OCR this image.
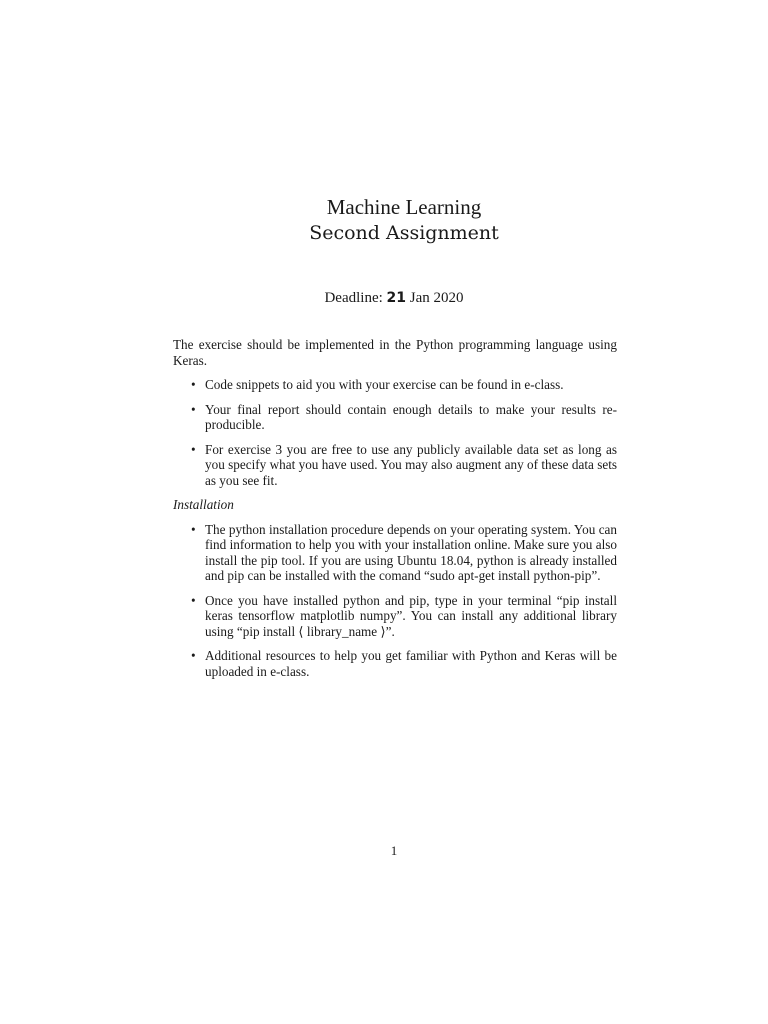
Machine Learning
Second Assignment
Deadline: 21 Jan 2020

The exercise should be implemented in the Python programming language using Keras.

• Code snippets to aid you with your exercise can be found in e-class.
• Your final report should contain enough details to make your results re-producible.
• For exercise 3 you are free to use any publicly available data set as long as you specify what you have used. You may also augment any of these data sets as you see fit.
Installation
• The python installation procedure depends on your operating system. You can find information to help you with your installation online. Make sure you also install the pip tool. If you are using Ubuntu 18.04, python is already installed and pip can be installed with the comand “sudo apt-get install python-pip”.
• Once you have installed python and pip, type in your terminal “pip install keras tensorflow matplotlib numpy”. You can install any additional library using “pip install ⟨ library_name ⟩”.
• Additional resources to help you get familiar with Python and Keras will be uploaded in e-class.
1
